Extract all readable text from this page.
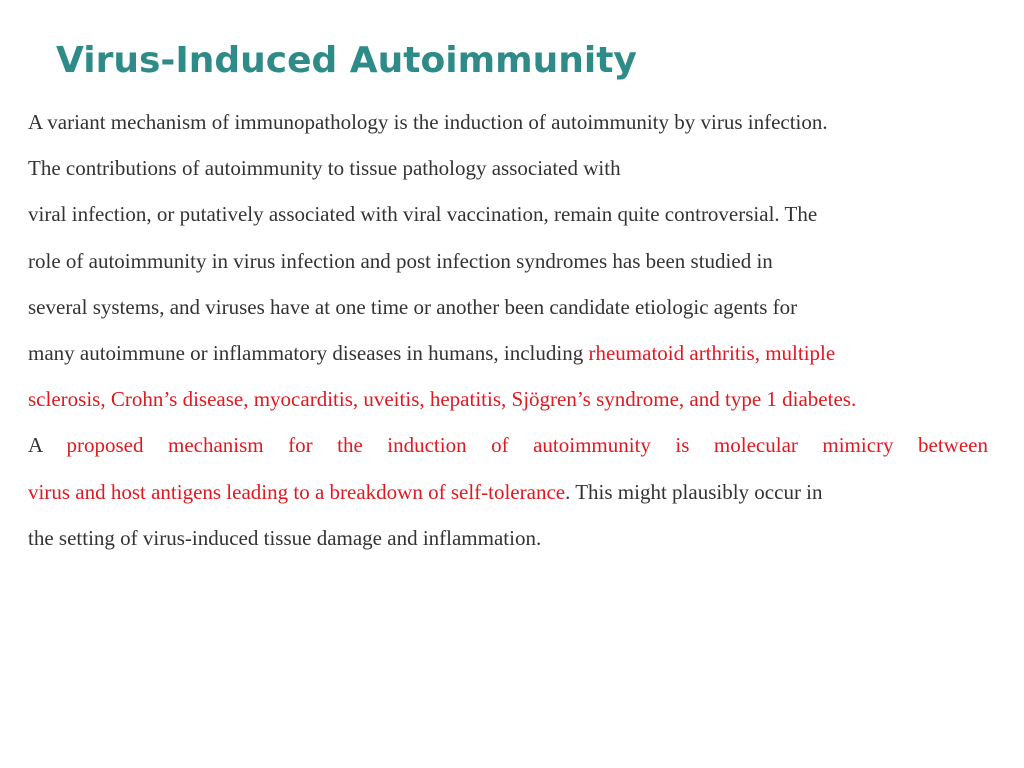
Virus-Induced Autoimmunity
A variant mechanism of immunopathology is the induction of autoimmunity by virus infection.
The contributions of autoimmunity to tissue pathology associated with
viral infection, or putatively associated with viral vaccination, remain quite controversial. The
role of autoimmunity in virus infection and post infection syndromes has been studied in
several systems, and viruses have at one time or another been candidate etiologic agents for
many autoimmune or inflammatory diseases in humans, including rheumatoid arthritis, multiple
sclerosis, Crohn’s disease, myocarditis, uveitis, hepatitis, Sjögren’s syndrome, and type 1 diabetes.
A proposed mechanism for the induction of autoimmunity is molecular mimicry between
virus and host antigens leading to a breakdown of self-tolerance. This might plausibly occur in
the setting of virus-induced tissue damage and inflammation.
